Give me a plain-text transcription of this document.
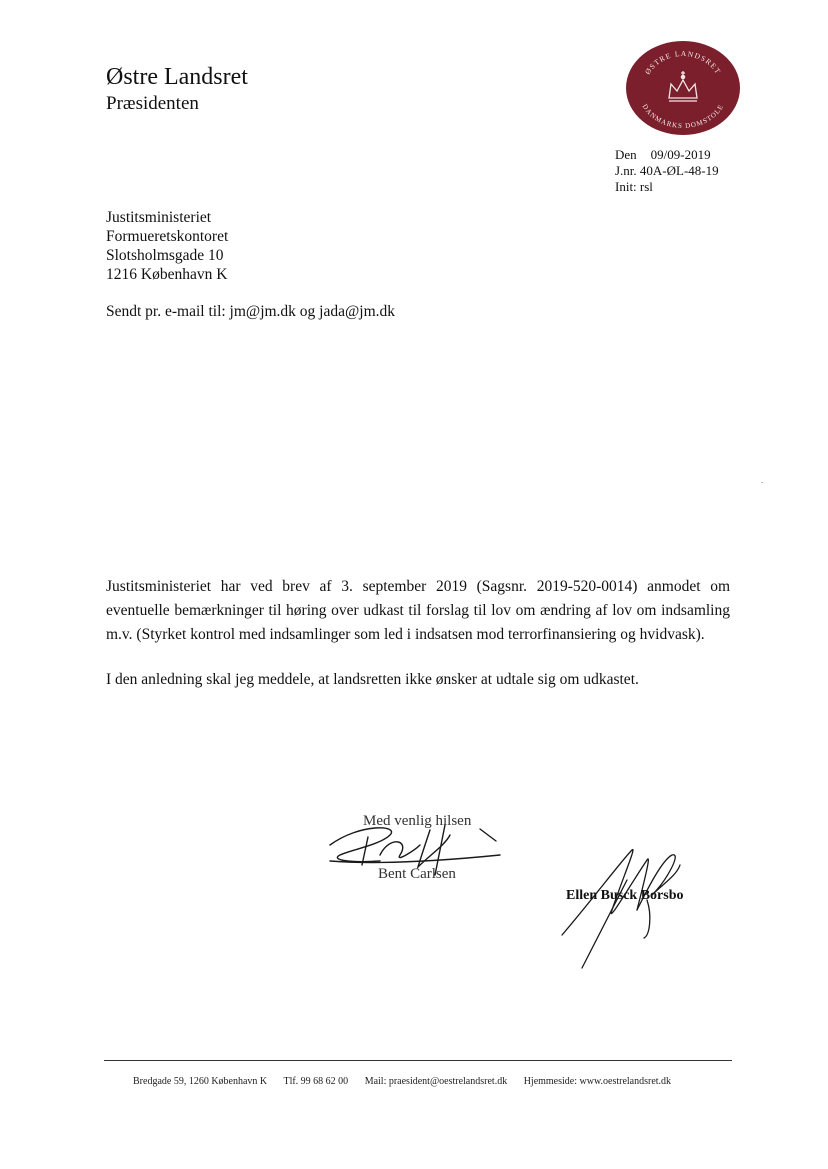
Østre Landsret
Præsidenten
ØSTRE LANDSRET
DANMARKS DOMSTOLE
Den 09/09-2019
J.nr. 40A-ØL-48-19
Init: rsl
Justitsministeriet
Formueretskontoret
Slotsholmsgade 10
1216 København K
Sendt pr. e-mail til: jm@jm.dk og jada@jm.dk

Justitsministeriet har ved brev af 3. september 2019 (Sagsnr. 2019-520-0014) anmodet om eventuelle bemærkninger til høring over udkast til forslag til lov om ændring af lov om indsamling m.v. (Styrket kontrol med indsamlinger som led i indsatsen mod terrorfinansiering og hvidvask).

I den anledning skal jeg meddele, at landsretten ikke ønsker at udtale sig om udkastet.

Med venlig hilsen
Bent Carlsen
Ellen Busck Borsbo
Bredgade 59, 1260 København K Tlf. 99 68 62 00 Mail: praesident@oestrelandsret.dk Hjemmeside: www.oestrelandsret.dk
